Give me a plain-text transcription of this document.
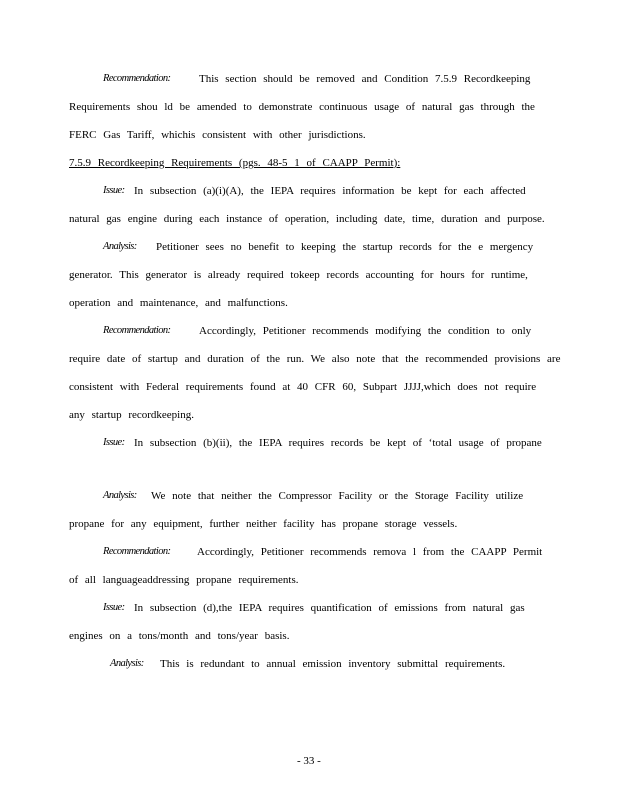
Recommendation:	This section should be removed and Condition 7.5.9 Recordkeeping
Requirements shou ld be amended to demonstrate continuous usage of natural gas through the
FERC Gas Tariff, whichis consistent with other jurisdictions.
7.5.9 Recordkeeping Requirements (pgs. 48-5 1 of CAAPP Permit):
Issue: In subsection (a)(i)(A), the IEPA requires information be kept for each affected
natural gas engine during each instance of operation, including date, time, duration and purpose.
Analysis: Petitioner sees no benefit to keeping the startup records for the e mergency
generator. This generator is already required tokeep records accounting for hours for runtime,
operation and maintenance, and malfunctions.
Recommendation:	Accordingly, Petitioner recommends modifying the condition to only
require date of startup and duration of the run. We also note that the recommended provisions are
consistent with Federal requirements found at 40 CFR 60, Subpart JJJJ,which does not require
any startup recordkeeping.
Issue: In subsection (b)(ii), the IEPA requires records be kept of ‘total usage of propane
Analysis: We note that neither the Compressor Facility or the Storage Facility utilize
propane for any equipment, further neither facility has propane storage vessels.
Recommendation: Accordingly, Petitioner recommends remova l from the CAAPP Permit
of all languageaddressing propane requirements.
Issue: In subsection (d),the IEPA requires quantification of emissions from natural gas
engines on a tons/month and tons/year basis.
Analysis: This is redundant to annual emission inventory submittal requirements.
- 33 -
